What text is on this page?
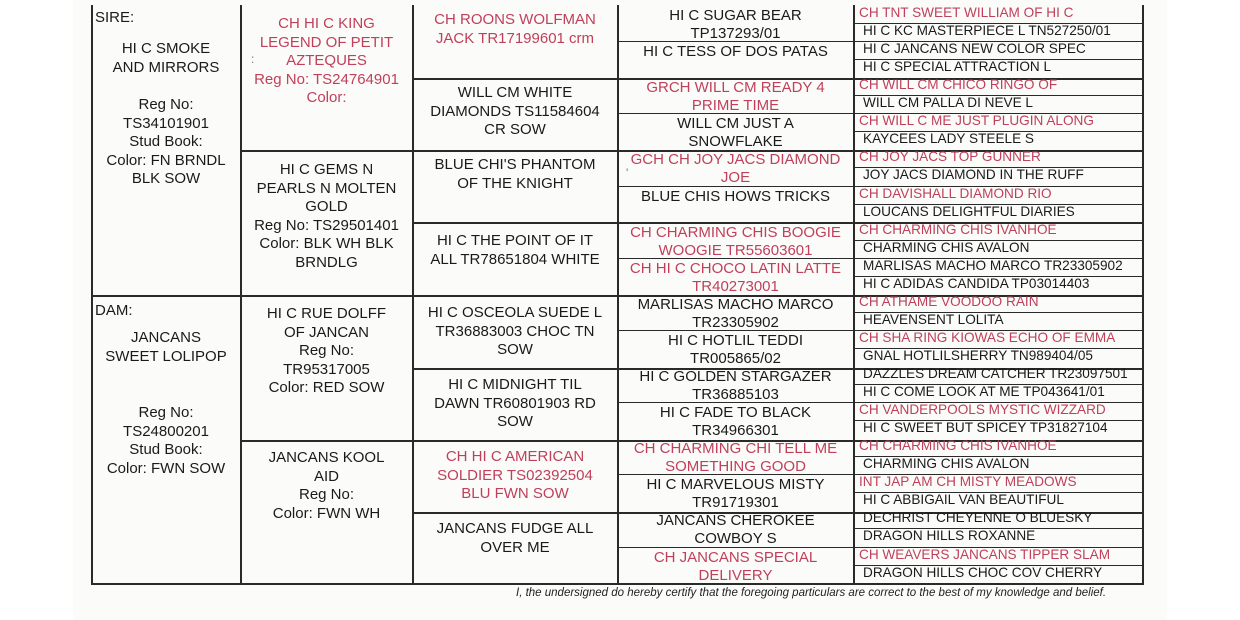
SIRE:

HI C SMOKE
AND MIRRORS

Reg No:
TS34101901
Stud Book:
Color: FN BRNDL
BLK SOW

DAM:

JANCANS
SWEET LOLIPOP

Reg No:
TS24800201
Stud Book:
Color: FWN SOW

CH HI C KING
LEGEND OF PETIT
AZTEQUES
Reg No: TS24764901
Color:

HI C GEMS N
PEARLS N MOLTEN
GOLD
Reg No: TS29501401
Color: BLK WH BLK
BRNDLG

HI C RUE DOLFF
OF JANCAN
Reg No:
TR95317005
Color: RED SOW

JANCANS KOOL
AID
Reg No:
Color: FWN WH

CH ROONS WOLFMAN
JACK TR17199601 crm

WILL CM WHITE
DIAMONDS TS11584604
CR SOW

BLUE CHI'S PHANTOM
OF THE KNIGHT

HI C THE POINT OF IT
ALL TR78651804 WHITE

HI C OSCEOLA SUEDE L
TR36883003 CHOC TN
SOW

HI C MIDNIGHT TIL
DAWN TR60801903 RD
SOW

CH HI C AMERICAN
SOLDIER TS02392504
BLU FWN SOW

JANCANS FUDGE ALL
OVER ME

HI C SUGAR BEAR
TP137293/01

HI C TESS OF DOS PATAS

GRCH WILL CM READY 4
PRIME TIME

WILL CM JUST A
SNOWFLAKE

GCH CH JOY JACS DIAMOND
JOE

BLUE CHIS HOWS TRICKS

CH CHARMING CHIS BOOGIE
WOOGIE TR55603601

CH HI C CHOCO LATIN LATTE
TR40273001

MARLISAS MACHO MARCO
TR23305902

HI C HOTLIL TEDDI
TR005865/02

HI C GOLDEN STARGAZER
TR36885103

HI C FADE TO BLACK
TR34966301

CH CHARMING CHI TELL ME
SOMETHING GOOD

HI C MARVELOUS MISTY
TR91719301

JANCANS CHEROKEE
COWBOY S

CH JANCANS SPECIAL
DELIVERY

CH TNT SWEET WILLIAM OF HI C
HI C KC MASTERPIECE L TN527250/01
HI C JANCANS NEW COLOR SPEC
HI C SPECIAL ATTRACTION L
CH WILL CM CHICO RINGO OF
WILL CM PALLA DI NEVE L
CH WILL C ME JUST PLUGIN ALONG
KAYCEES LADY STEELE S
CH JOY JACS TOP GUNNER
JOY JACS DIAMOND IN THE RUFF
CH DAVISHALL DIAMOND RIO
LOUCANS DELIGHTFUL DIARIES
CH CHARMING CHIS IVANHOE
CHARMING CHIS AVALON
MARLISAS MACHO MARCO TR23305902
HI C ADIDAS CANDIDA TP03014403
CH ATHAME VOODOO RAIN
HEAVENSENT LOLITA
CH SHA RING KIOWAS ECHO OF EMMA
GNAL HOTLILSHERRY TN989404/05
DAZZLES DREAM CATCHER TR23097501
HI C COME LOOK AT ME TP043641/01
CH VANDERPOOLS MYSTIC WIZZARD
HI C SWEET BUT SPICEY TP31827104
CH CHARMING CHIS IVANHOE
CHARMING CHIS AVALON
INT JAP AM CH MISTY MEADOWS
HI C ABBIGAIL VAN BEAUTIFUL
DECHRIST CHEYENNE O BLUESKY
DRAGON HILLS ROXANNE
CH WEAVERS JANCANS TIPPER SLAM
DRAGON HILLS CHOC COV CHERRY
:
'
I, the undersigned do hereby certify that the foregoing particulars are correct to the best of my knowledge and belief.
